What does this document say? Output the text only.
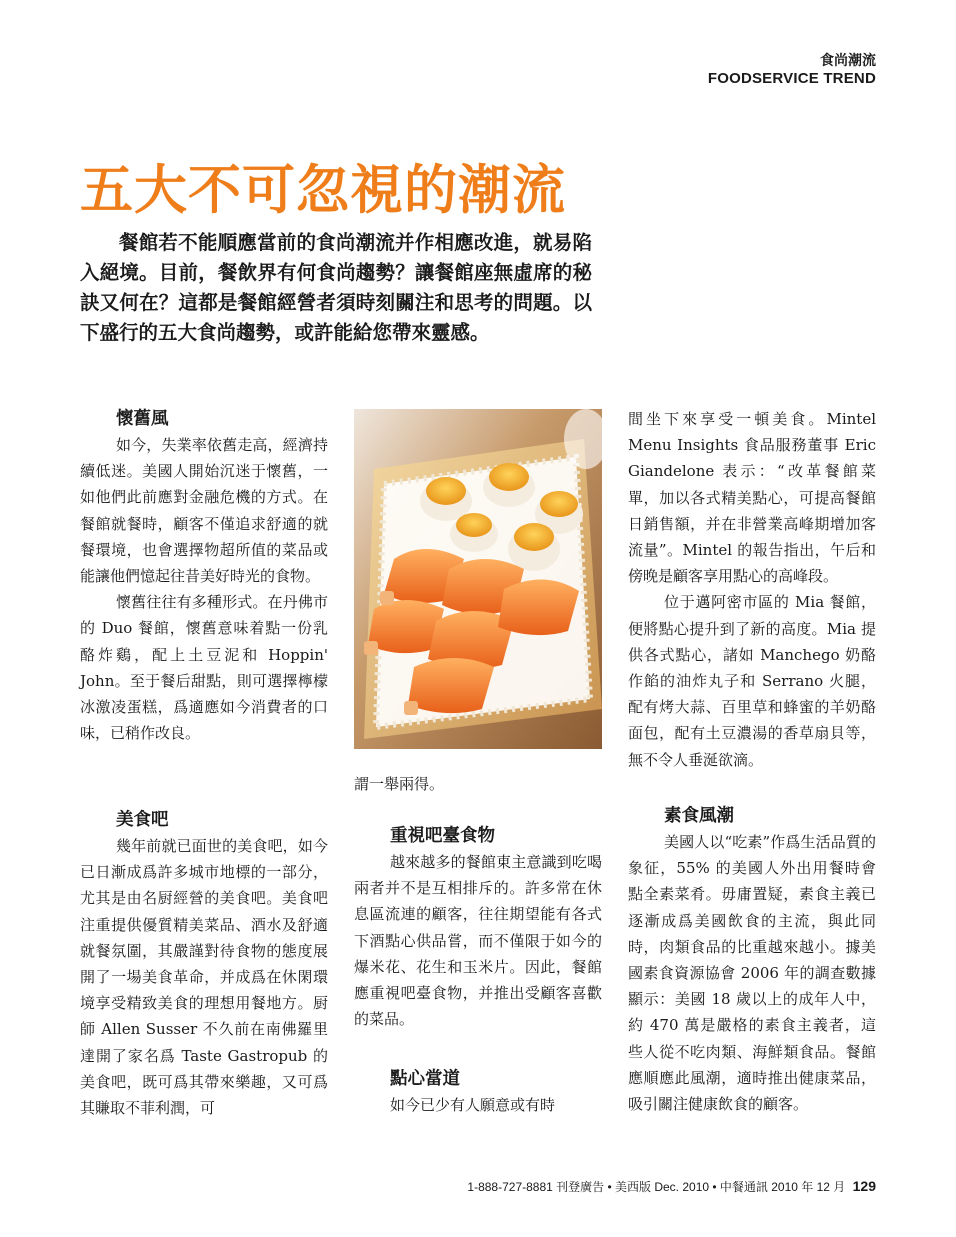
食尚潮流
FOODSERVICE TREND
五大不可忽視的潮流

餐館若不能順應當前的食尚潮流并作相應改進，就易陷入絕境。目前，餐飲界有何食尚趨勢？讓餐館座無虛席的秘訣又何在？這都是餐館經營者須時刻關注和思考的問題。以下盛行的五大食尚趨勢，或許能給您帶來靈感。

懷舊風

如今，失業率依舊走高，經濟持續低迷。美國人開始沉迷于懷舊，一如他們此前應對金融危機的方式。在餐館就餐時，顧客不僅追求舒適的就餐環境，也會選擇物超所值的菜品或能讓他們憶起往昔美好時光的食物。

懷舊往往有多種形式。在丹佛市的 Duo 餐館，懷舊意味着點一份乳酪炸鷄，配上土豆泥和 Hoppin' John。至于餐后甜點，則可選擇檸檬冰激凌蛋糕，爲適應如今消費者的口味，已稍作改良。

美食吧

幾年前就已面世的美食吧，如今已日漸成爲許多城市地標的一部分，尤其是由名厨經營的美食吧。美食吧注重提供優質精美菜品、酒水及舒適就餐氛圍，其嚴謹對待食物的態度展開了一場美食革命，并成爲在休閑環境享受精致美食的理想用餐地方。厨師 Allen Susser 不久前在南佛羅里達開了家名爲 Taste Gastropub 的美食吧，既可爲其帶來樂趣，又可爲其賺取不菲利潤，可

謂一舉兩得。

重視吧臺食物

越來越多的餐館東主意識到吃喝兩者并不是互相排斥的。許多常在休息區流連的顧客，往往期望能有各式下酒點心供品嘗，而不僅限于如今的爆米花、花生和玉米片。因此，餐館應重視吧臺食物，并推出受顧客喜歡的菜品。

點心當道

如今已少有人願意或有時

間坐下來享受一頓美食。Mintel Menu Insights 食品服務董事 Eric Giandelone 表示：“改革餐館菜單，加以各式精美點心，可提高餐館日銷售額，并在非營業高峰期增加客流量”。Mintel 的報告指出，午后和傍晚是顧客享用點心的高峰段。

位于邁阿密市區的 Mia 餐館，便將點心提升到了新的高度。Mia 提供各式點心，諸如 Manchego 奶酪作餡的油炸丸子和 Serrano 火腿，配有烤大蒜、百里草和蜂蜜的羊奶酪面包，配有土豆濃湯的香草扇貝等，無不令人垂涎欲滴。

素食風潮

美國人以“吃素”作爲生活品質的象征，55% 的美國人外出用餐時會點全素菜肴。毋庸置疑，素食主義已逐漸成爲美國飲食的主流，與此同時，肉類食品的比重越來越小。據美國素食資源協會 2006 年的調查數據顯示：美國 18 歲以上的成年人中，約 470 萬是嚴格的素食主義者，這些人從不吃肉類、海鮮類食品。餐館應順應此風潮，適時推出健康菜品，吸引關注健康飲食的顧客。

1-888-727-8881 刊登廣告 • 美西版 Dec. 2010 • 中餐通訊 2010 年 12 月 129
